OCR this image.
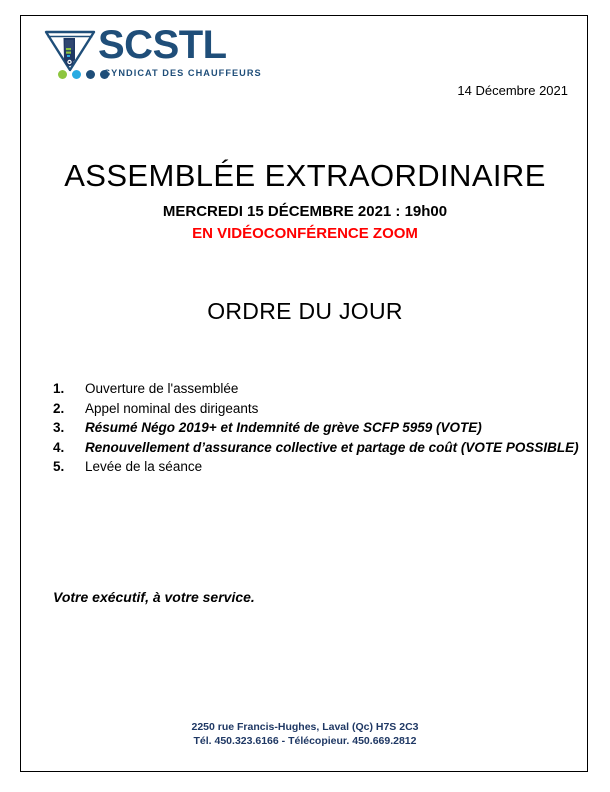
SCSTL
SYNDICAT DES CHAUFFEURS
14 Décembre 2021
ASSEMBLÉE EXTRAORDINAIRE
MERCREDI 15 DÉCEMBRE 2021 : 19h00
EN VIDÉOCONFÉRENCE ZOOM
ORDRE DU JOUR
1.	Ouverture de l'assemblée
2.	Appel nominal des dirigeants
3.	Résumé Négo 2019+ et Indemnité de grève SCFP 5959 (VOTE)
4.	Renouvellement d’assurance collective et partage de coût (VOTE POSSIBLE)
5.	Levée de la séance
Votre exécutif, à votre service.
2250 rue Francis-Hughes, Laval (Qc) H7S 2C3
Tél. 450.323.6166 - Télécopieur. 450.669.2812
